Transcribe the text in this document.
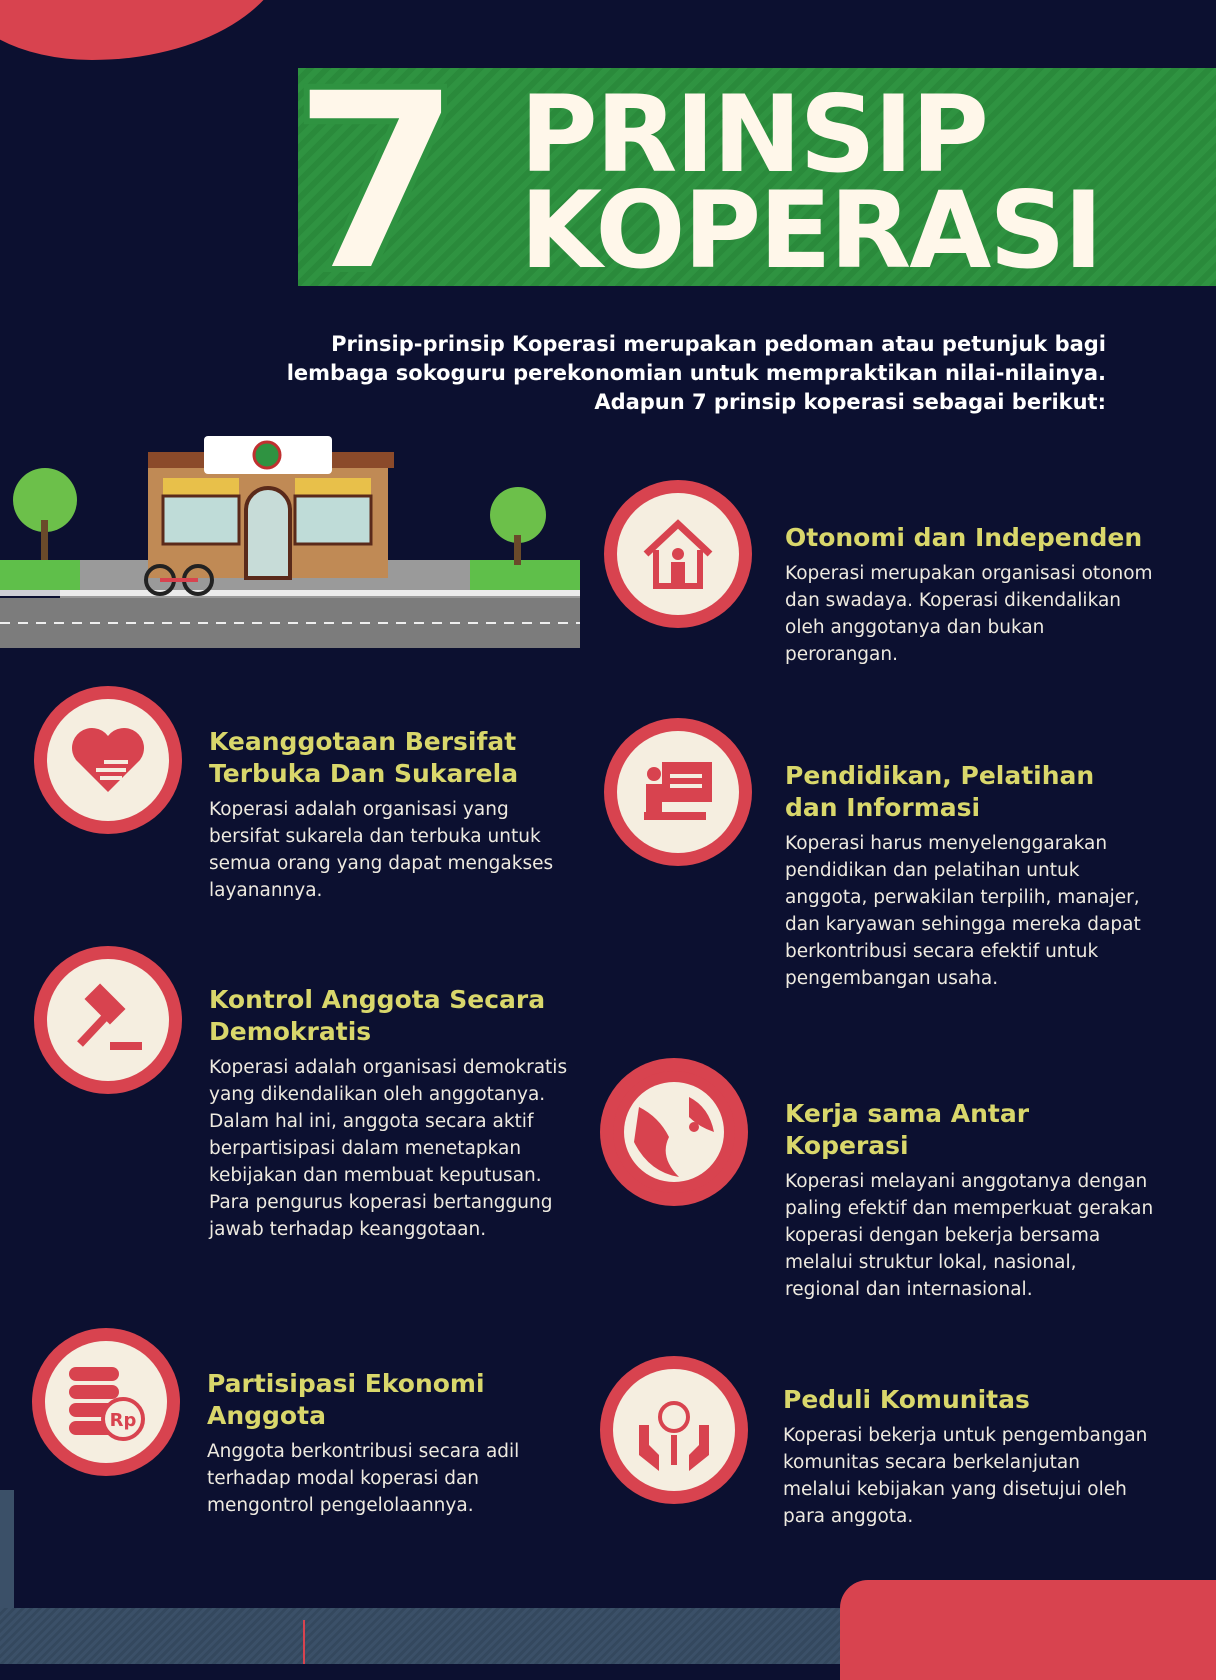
7 PRINSIP
KOPERASI
Prinsip-prinsip Koperasi merupakan pedoman atau petunjuk bagi
lembaga sokoguru perekonomian untuk mempraktikan nilai-nilainya.
Adapun 7 prinsip koperasi sebagai berikut:
Otonomi dan Independen
Koperasi merupakan organisasi otonom dan swadaya. Koperasi dikendalikan oleh anggotanya dan bukan perorangan.
Keanggotaan Bersifat Terbuka Dan Sukarela
Koperasi adalah organisasi yang bersifat sukarela dan terbuka untuk semua orang yang dapat mengakses layanannya.
Pendidikan, Pelatihan dan Informasi
Koperasi harus menyelenggarakan pendidikan dan pelatihan untuk anggota, perwakilan terpilih, manajer, dan karyawan sehingga mereka dapat berkontribusi secara efektif untuk pengembangan usaha.
Kontrol Anggota Secara Demokratis
Koperasi adalah organisasi demokratis yang dikendalikan oleh anggotanya. Dalam hal ini, anggota secara aktif berpartisipasi dalam menetapkan kebijakan dan membuat keputusan. Para pengurus koperasi bertanggung jawab terhadap keanggotaan.
Kerja sama Antar Koperasi
Koperasi melayani anggotanya dengan paling efektif dan memperkuat gerakan koperasi dengan bekerja bersama melalui struktur lokal, nasional, regional dan internasional.
Rp
Partisipasi Ekonomi Anggota
Anggota berkontribusi secara adil terhadap modal koperasi dan mengontrol pengelolaannya.
Peduli Komunitas
Koperasi bekerja untuk pengembangan komunitas secara berkelanjutan melalui kebijakan yang disetujui oleh para anggota.
